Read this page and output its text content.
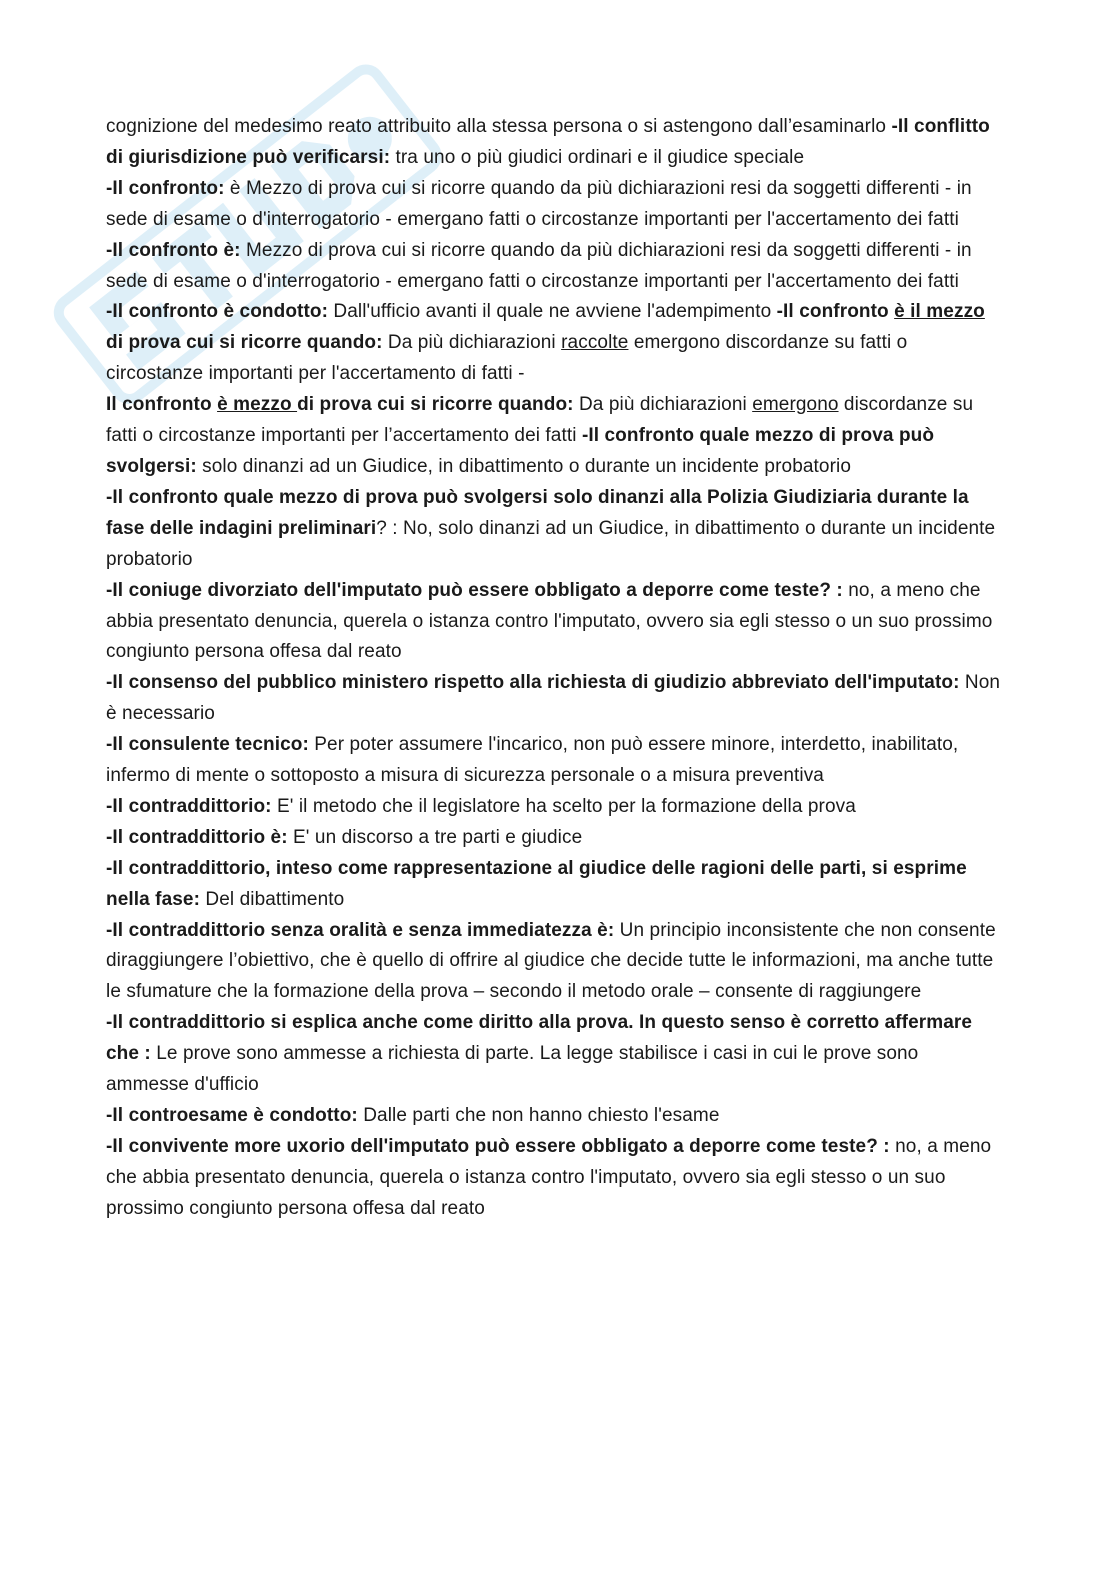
cognizione del medesimo reato attribuito alla stessa persona o si astengono dall’esaminarlo -Il conflitto di giurisdizione può verificarsi: tra uno o più giudici ordinari e il giudice speciale

-Il confronto: è Mezzo di prova cui si ricorre quando da più dichiarazioni resi da soggetti differenti - in sede di esame o d'interrogatorio - emergano fatti o circostanze importanti per l'accertamento dei fatti

-Il confronto è: Mezzo di prova cui si ricorre quando da più dichiarazioni resi da soggetti differenti - in sede di esame o d'interrogatorio - emergano fatti o circostanze importanti per l'accertamento dei fatti

-Il confronto è condotto: Dall'ufficio avanti il quale ne avviene l'adempimento -Il confronto è il mezzo di prova cui si ricorre quando: Da più dichiarazioni raccolte emergono discordanze su fatti o circostanze importanti per l'accertamento di fatti -

Il confronto è mezzo di prova cui si ricorre quando: Da più dichiarazioni emergono discordanze su fatti o circostanze importanti per l’accertamento dei fatti -Il confronto quale mezzo di prova può svolgersi: solo dinanzi ad un Giudice, in dibattimento o durante un incidente probatorio

-Il confronto quale mezzo di prova può svolgersi solo dinanzi alla Polizia Giudiziaria durante la fase delle indagini preliminari? : No, solo dinanzi ad un Giudice, in dibattimento o durante un incidente probatorio

-Il coniuge divorziato dell'imputato può essere obbligato a deporre come teste? : no, a meno che abbia presentato denuncia, querela o istanza contro l'imputato, ovvero sia egli stesso o un suo prossimo congiunto persona offesa dal reato

-Il consenso del pubblico ministero rispetto alla richiesta di giudizio abbreviato dell'imputato: Non è necessario

-Il consulente tecnico: Per poter assumere l'incarico, non può essere minore, interdetto, inabilitato, infermo di mente o sottoposto a misura di sicurezza personale o a misura preventiva

-Il contraddittorio: E' il metodo che il legislatore ha scelto per la formazione della prova

-Il contraddittorio è: E' un discorso a tre parti e giudice

-Il contraddittorio, inteso come rappresentazione al giudice delle ragioni delle parti, si esprime nella fase: Del dibattimento

-Il contraddittorio senza oralità e senza immediatezza è: Un principio inconsistente che non consente diraggiungere l’obiettivo, che è quello di offrire al giudice che decide tutte le informazioni, ma anche tutte le sfumature che la formazione della prova – secondo il metodo orale – consente di raggiungere

-Il contraddittorio si esplica anche come diritto alla prova. In questo senso è corretto affermare che : Le prove sono ammesse a richiesta di parte. La legge stabilisce i casi in cui le prove sono ammesse d'ufficio

-Il controesame è condotto: Dalle parti che non hanno chiesto l'esame

-Il convivente more uxorio dell'imputato può essere obbligato a deporre come teste? : no, a meno che abbia presentato denuncia, querela o istanza contro l'imputato, ovvero sia egli stesso o un suo prossimo congiunto persona offesa dal reato
